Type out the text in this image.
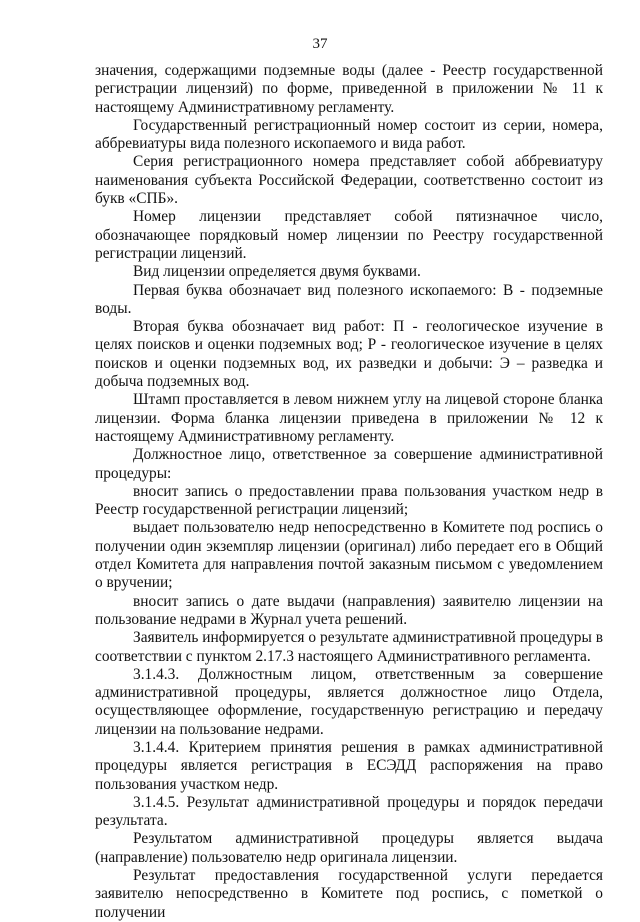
37

значения, содержащими подземные воды (далее - Реестр государственной регистрации лицензий) по форме, приведенной в приложении № 11 к настоящему Административному регламенту.

Государственный регистрационный номер состоит из серии, номера, аббревиатуры вида полезного ископаемого и вида работ.

Серия регистрационного номера представляет собой аббревиатуру наименования субъекта Российской Федерации, соответственно состоит из букв «СПБ».

Номер лицензии представляет собой пятизначное число, обозначающее порядковый номер лицензии по Реестру государственной регистрации лицензий.

Вид лицензии определяется двумя буквами.

Первая буква обозначает вид полезного ископаемого: В - подземные воды.

Вторая буква обозначает вид работ: П - геологическое изучение в целях поисков и оценки подземных вод; Р - геологическое изучение в целях поисков и оценки подземных вод, их разведки и добычи: Э – разведка и добыча подземных вод.

Штамп проставляется в левом нижнем углу на лицевой стороне бланка лицензии. Форма бланка лицензии приведена в приложении № 12 к настоящему Административному регламенту.

Должностное лицо, ответственное за совершение административной процедуры:

вносит запись о предоставлении права пользования участком недр в Реестр государственной регистрации лицензий;

выдает пользователю недр непосредственно в Комитете под роспись о получении один экземпляр лицензии (оригинал) либо передает его в Общий отдел Комитета для направления почтой заказным письмом с уведомлением о вручении;

вносит запись о дате выдачи (направления) заявителю лицензии на пользование недрами в Журнал учета решений.

Заявитель информируется о результате административной процедуры в соответствии с пунктом 2.17.3 настоящего Административного регламента.

3.1.4.3. Должностным лицом, ответственным за совершение административной процедуры, является должностное лицо Отдела, осуществляющее оформление, государственную регистрацию и передачу лицензии на пользование недрами.

3.1.4.4. Критерием принятия решения в рамках административной процедуры является регистрация в ЕСЭДД распоряжения на право пользования участком недр.

3.1.4.5. Результат административной процедуры и порядок передачи результата.

Результатом административной процедуры является выдача (направление) пользователю недр оригинала лицензии.

Результат предоставления государственной услуги передается заявителю непосредственно в Комитете под роспись, с пометкой о получении
